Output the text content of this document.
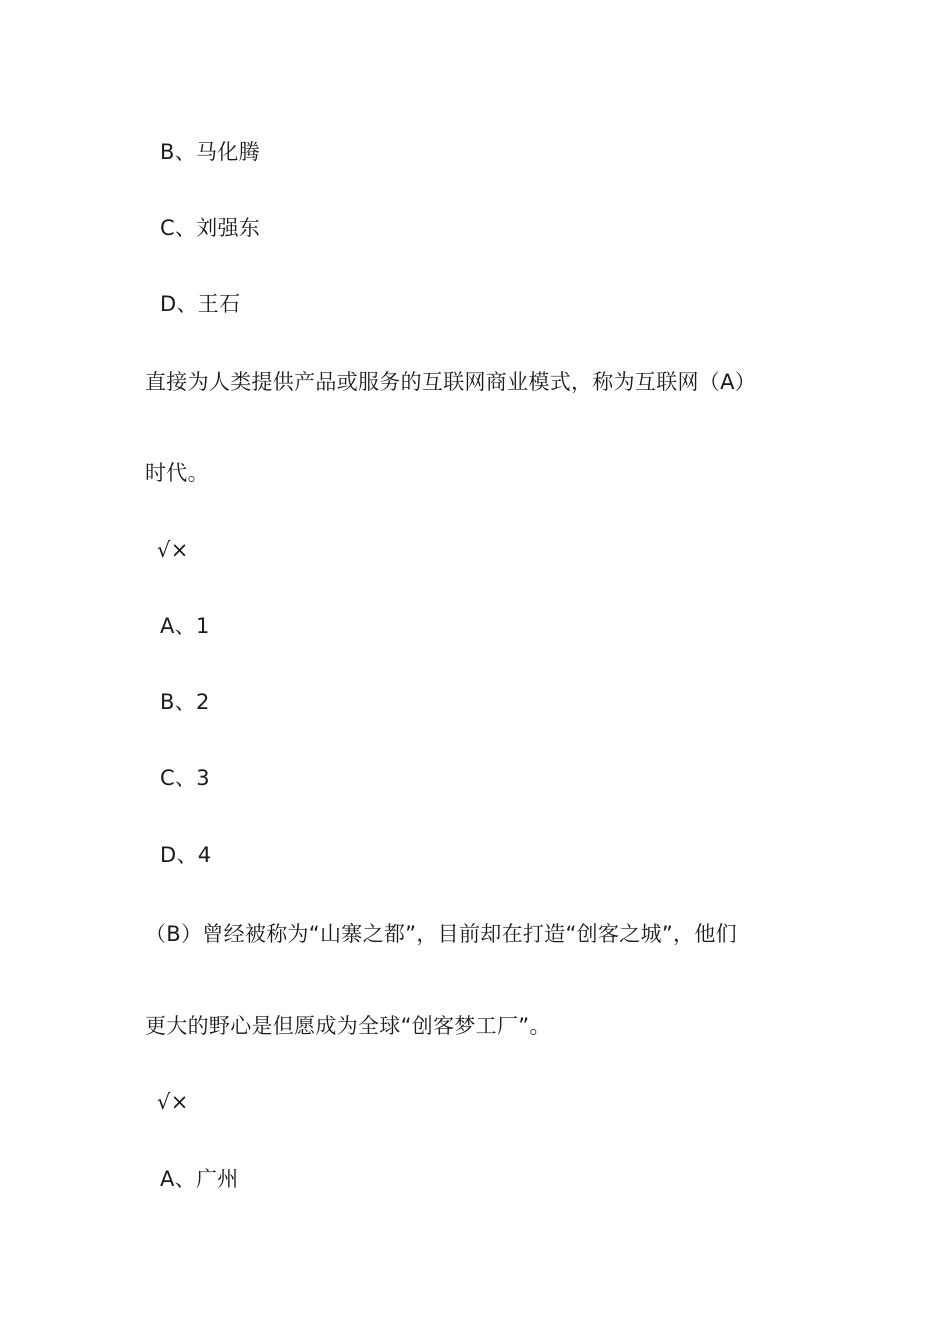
B、马化腾
C、刘强东
D、王石
直接为人类提供产品或服务的互联网商业模式，称为互联网（A）
时代。
√×
A、1
B、2
C、3
D、4
（B）曾经被称为“山寨之都”，目前却在打造“创客之城”，他们
更大的野心是但愿成为全球“创客梦工厂”。
√×
A、广州
